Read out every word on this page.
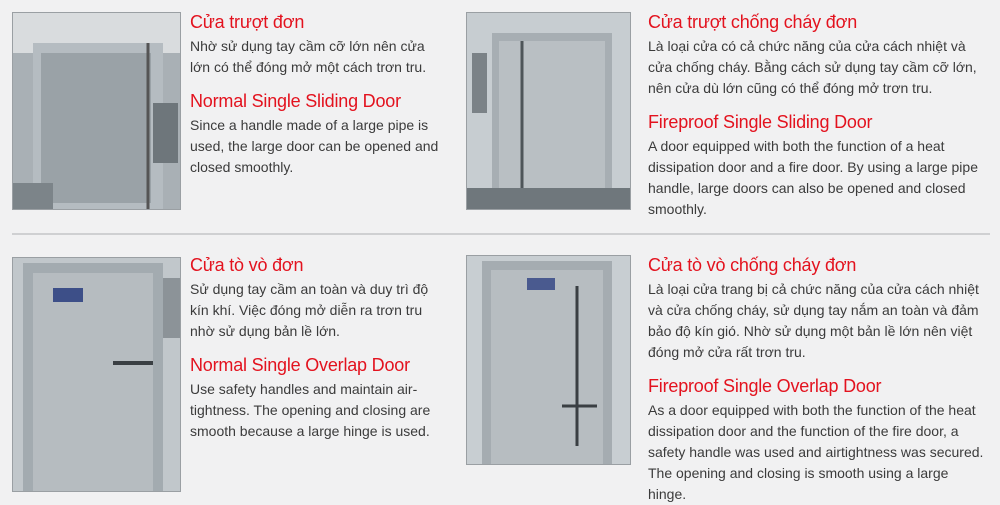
Cửa trượt đơn

Nhờ sử dụng tay cầm cỡ lớn nên cửa lớn có thể đóng mở một cách trơn tru.

Normal Single Sliding Door

Since a handle made of a large pipe is used, the large door can be opened and closed smoothly.

Cửa trượt chống cháy đơn

Là loại cửa có cả chức năng của cửa cách nhiệt và cửa chống cháy. Bằng cách sử dụng tay cầm cỡ lớn, nên cửa dù lớn cũng có thể đóng mở trơn tru.

Fireproof Single Sliding Door

A door equipped with both the function of a heat dissipation door and a fire door. By using a large pipe handle, large doors can also be opened and closed smoothly.

Cửa tò vò đơn

Sử dụng tay cầm an toàn và duy trì độ kín khí. Việc đóng mở diễn ra trơn tru nhờ sử dụng bản lề lớn.

Normal Single Overlap Door

Use safety handles and maintain air-tightness. The opening and closing are smooth because a large hinge is used.

Cửa tò vò chống cháy đơn

Là loại cửa trang bị cả chức năng của cửa cách nhiệt và cửa chống cháy, sử dụng tay nắm an toàn và đảm bảo độ kín gió. Nhờ sử dụng một bản lề lớn nên việt đóng mở cửa rất trơn tru.

Fireproof Single Overlap Door

As a door equipped with both the function of the heat dissipation door and the function of the fire door, a safety handle was used and airtightness was secured. The opening and closing is smooth using a large hinge.
